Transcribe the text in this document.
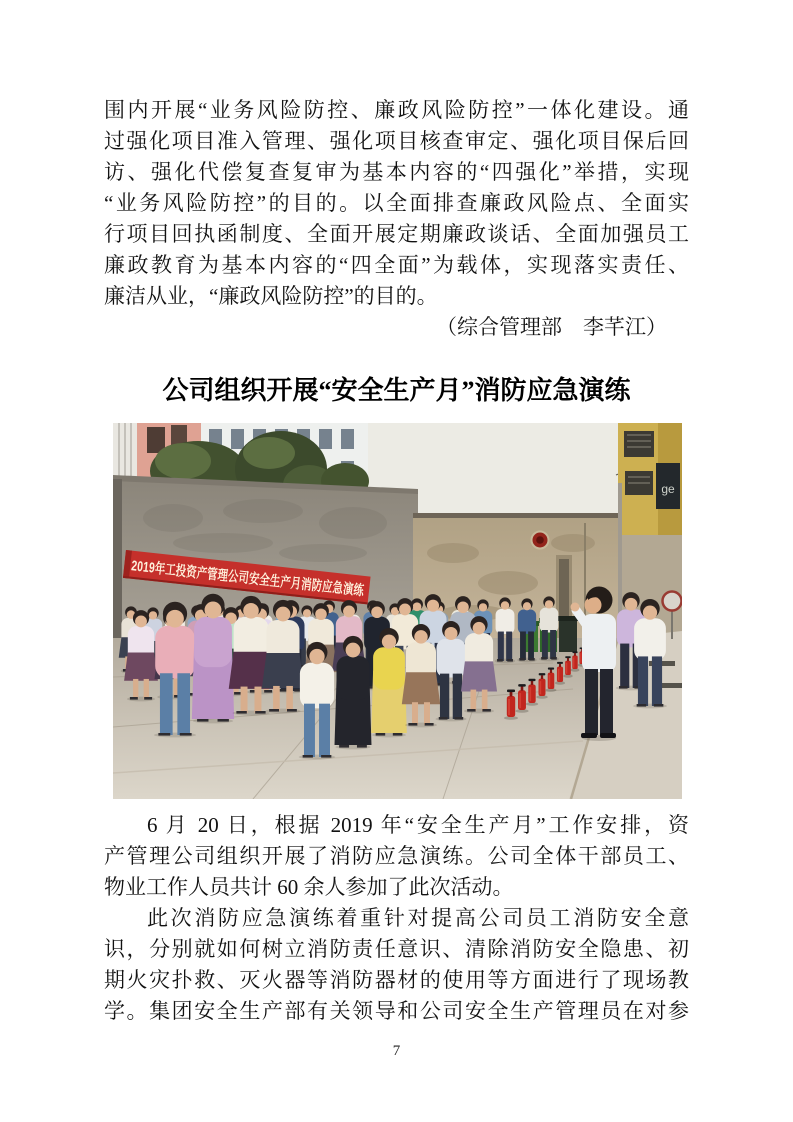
围内开展“业务风险防控、廉政风险防控”一体化建设。通
过强化项目准入管理、强化项目核查审定、强化项目保后回
访、强化代偿复查复审为基本内容的“四强化”举措，实现
“业务风险防控”的目的。以全面排查廉政风险点、全面实
行项目回执函制度、全面开展定期廉政谈话、全面加强员工
廉政教育为基本内容的“四全面”为载体，实现落实责任、
廉洁从业，“廉政风险防控”的目的。
（综合管理部　李芊江）
公司组织开展“安全生产月”消防应急演练
ge
2019年工投资产管理公司安全生产月消防应急演练
6 月 20 日，根据 2019 年“安全生产月”工作安排，资
产管理公司组织开展了消防应急演练。公司全体干部员工、
物业工作人员共计 60 余人参加了此次活动。
此次消防应急演练着重针对提高公司员工消防安全意
识，分别就如何树立消防责任意识、清除消防安全隐患、初
期火灾扑救、灭火器等消防器材的使用等方面进行了现场教
学。集团安全生产部有关领导和公司安全生产管理员在对参
7
